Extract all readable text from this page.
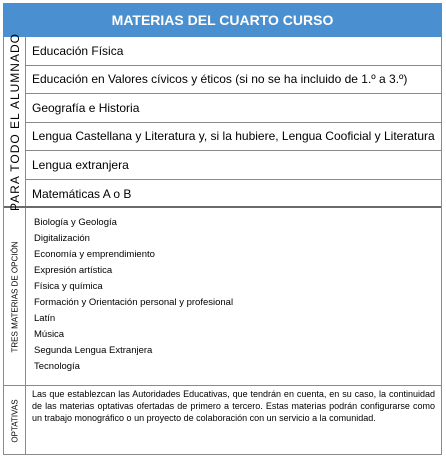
MATERIAS DEL CUARTO CURSO
PARA TODO EL ALUMNADO Educación Física
Educación en Valores cívicos y éticos (si no se ha incluido de 1.º a 3.º)
Geografía e Historia
Lengua Castellana y Literatura y, si la hubiere, Lengua Cooficial y Literatura
Lengua extranjera
Matemáticas A o B
TRES MATERIAS DE OPCIÓN
Biología y Geología
Digitalización
Economía y emprendimiento
Expresión artística
Física y química
Formación y Orientación personal y profesional
Latín
Música
Segunda Lengua Extranjera
Tecnología
OPTATIVAS
Las que establezcan las Autoridades Educativas, que tendrán en cuenta, en su caso, la continuidad de las materias optativas ofertadas de primero a tercero. Estas materias podrán configurarse como un trabajo monográfico o un proyecto de colaboración con un servicio a la comunidad.
